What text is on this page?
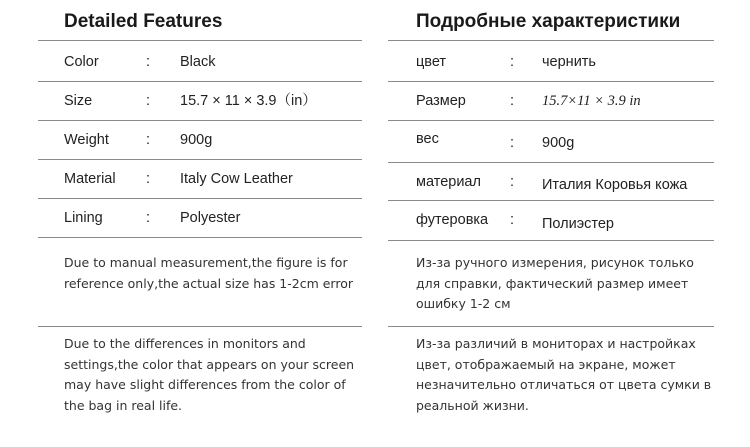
Detailed Features
Color	: Black
Size	: 15.7 × 11 × 3.9（in）
Weight	: 900g
Material : Italy Cow Leather
Lining	: Polyester
Due to manual measurement,the figure is for reference only,the actual size has 1-2cm error
Due to the differences in monitors and settings,the color that appears on your screen may have slight differences from the color of the bag in real life.
Подробные характеристики
цвет	: чернить
Размер	: 15.7×11 × 3.9 in
вес	: 900g
материал : Италия Коровья кожа
футеровка : Полиэстер
Из-за ручного измерения, рисунок только для справки, фактический размер имеет ошибку 1-2 см
Из-за различий в мониторах и настройках цвет, отображаемый на экране, может незначительно отличаться от цвета сумки в реальной жизни.
